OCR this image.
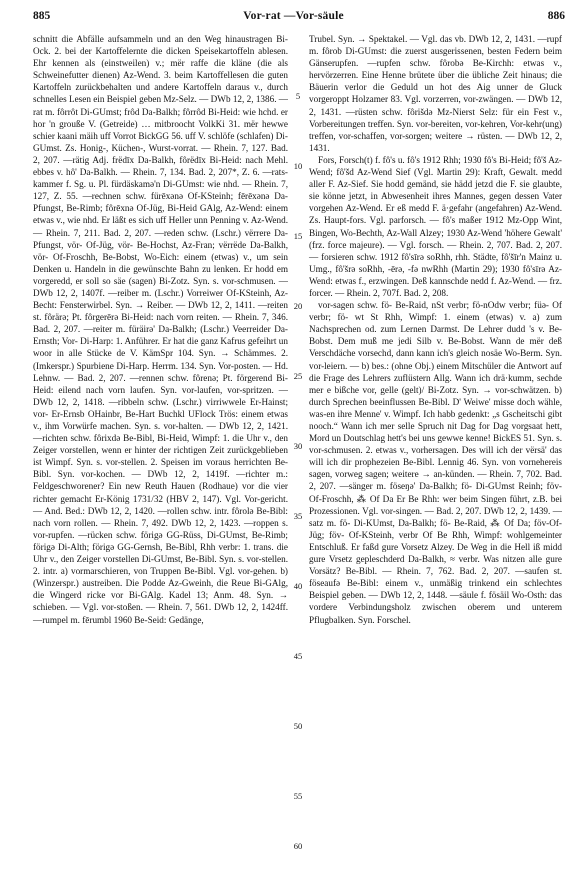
885	Vor-rat —Vor-säule	886

schnitt die Abfälle aufsammeln und an den Weg hinaustragen Bi-Ock. 2. bei der Kartoffelernte die dicken Speisekartoffeln ablesen. Ehr kennen als (einstweilen) v.; mër raffe die kläne (die als Schweinefutter dienen) Az-Wend. 3. beim Kartoffellesen die guten Kartoffeln zurückbehalten und andere Kartoffeln daraus v., durch schnelles Lesen ein Beispiel geben Mz-Selz. — DWb 12, 2, 1386. —rat m. fôrrôt Di-GUmst; frôd Da-Balkh; fôrrôd Bi-Heid: wie hchd. er hor 'n grouße V. (Getreide) … mitbroocht VolkKi 31. mër hewwe schier kaani mäih uff Vorrot BickGG 56. uff V. schlöfe (schlafen) Di-GUmst. Zs. Honig-, Küchen-, Wurst-vorrat. — Rhein. 7, 127. Bad. 2, 207. —rätig Adj. frëdīx Da-Balkh, fôrëdīx Bi-Heid: nach Mehl. ebbes v. hô' Da-Balkh. — Rhein. 7, 134. Bad. 2, 207*, Z. 6. —rats-kammer f. Sg. u. Pl. fürdäskamə'n Di-GUmst: wie nhd. — Rhein. 7, 127, Z. 55. —rechnen schw. fürēxənə Of-KSteinh; fērēxənə Da-Pfungst, Be-Rimb; fôrēxnə Of-Jüg, Bi-Heid GAlg, Az-Wend: einem etwas v., wie nhd. Er läßt es sich uff Heller unn Penning v. Az-Wend. — Rhein. 7, 211. Bad. 2, 207. —reden schw. (Lschr.) vërrere Da-Pfungst, vör- Of-Jüg, vör- Be-Hochst, Az-Fran; vërrëde Da-Balkh, vör- Of-Froschh, Be-Bobst, Wo-Eich: einem (etwas) v., um sein Denken u. Handeln in die gewünschte Bahn zu lenken. Er hodd em vorgeredd, er soll so säe (sagen) Bi-Zotz. Syn. s. vor-schmusen. — DWb 12, 2, 1407f. —reiber m. (Lschr.) Vorreiwer Of-KSteinh, Az-Becht: Fensterwirbel. Syn. → Reiber. — DWb 12, 2, 1411. —reiten st. fôrärə; Pt. fôrgerērə Bi-Heid: nach vorn reiten. — Rhein. 7, 346. Bad. 2, 207. —reiter m. füräirə' Da-Balkh; (Lschr.) Veerreider Da-Ernsth; Vor- Di-Harp: 1. Anführer. Er hat die ganz Kafrus gefeihrt un woor in alle Stücke de V. KämSpr 104. Syn. → Schämmes. 2. (Imkerspr.) Spurbiene Di-Harp. Herrm. 134. Syn. Vor-posten. — Hd. Lehnw. — Bad. 2, 207. —rennen schw. fôrenə; Pt. förgerend Bi-Heid: eilend nach vorn laufen. Syn. vor-laufen, vor-spritzen. — DWb 12, 2, 1418. —ribbeln schw. (Lschr.) virriwwele Er-Hainst; vor- Er-Ernsb OHainbr, Be-Hart Buchkl UFlock Trös: einem etwas v., ihm Vorwürfe machen. Syn. s. vor-halten. — DWb 12, 2, 1421. —richten schw. fôrixdə Be-Bibl, Bi-Heid, Wimpf: 1. die Uhr v., den Zeiger vorstellen, wenn er hinter der richtigen Zeit zurückgeblieben ist Wimpf. Syn. s. vor-stellen. 2. Speisen im voraus herrichten Be-Bibl. Syn. vor-kochen. — DWb 12, 2, 1419f. —richter m.: Feldgeschworener? Ein new Reuth Hauen (Rodhaue) vor die vier richter gemacht Er-König 1731/32 (HBV 2, 147). Vgl. Vor-gericht. — And. Bed.: DWb 12, 2, 1420. —rollen schw. intr. fôrolə Be-Bibl: nach vorn rollen. — Rhein. 7, 492. DWb 12, 2, 1423. —roppen s. vor-rupfen. —rücken schw. förigə GG-Rüss, Di-GUmst, Be-Rimb; förigə Di-Alth; förigə GG-Gernsh, Be-Bibl, Rhh verbr: 1. trans. die Uhr v., den Zeiger vorstellen Di-GUmst, Be-Bibl. Syn. s. vor-stellen. 2. intr. a) vormarschieren, von Truppen Be-Bibl. Vgl. vor-gehen. b) (Winzerspr.) austreiben. Die Podde Az-Gweinh, die Reue Bi-GAlg, die Wingerd ricke vor Bi-GAlg. Kadel 13; Anm. 48. Syn. → schieben. — Vgl. vor-stoßen. — Rhein. 7, 561. DWb 12, 2, 1424ff. —rumpel m. fērumbl 1960 Be-Seid: Gedänge,

5
10
15
20
25
30
35
40
45
50
55
60

Trubel. Syn. → Spektakel. — Vgl. das vb. DWb 12, 2, 1431. —rupf m. fôrob Di-GUmst: die zuerst ausgerissenen, besten Federn beim Gänserupfen. —rupfen schw. fôrobə Be-Kirchh: etwas v., hervörzerren. Eine Henne brütete über die übliche Zeit hinaus; die Bäuerin verlor die Geduld un hot des Aig unner de Gluck vorgeroppt Holzamer 83. Vgl. vorzerren, vor-zwängen. — DWb 12, 2, 1431. —rüsten schw. fôrišdə Mz-Nierst Selz: für ein Fest v., Vorbereitungen treffen. Syn. vor-bereiten, vor-kehren, Vor-kehr(ung) treffen, vor-schaffen, vor-sorgen; weitere → rüsten. — DWb 12, 2, 1431.

Fors, Forsch(t) f. fô's u. fô's 1912 Rhh; 1930 fô's Bi-Heid; fô'š Az-Wend; fô'šd Az-Wend Sief (Vgl. Martin 29): Kraft, Gewalt. medd aller F. Az-Sief. Sie hodd gemänd, sie hädd jetzd die F. sie glaubte, sie könne jetzt, in Abwesenheit ihres Mannes, gegen dessen Vater vorgehen Az-Wend. Er eß medd F. ä·gefahr (angefahren) Az-Wend. Zs. Haupt-fors. Vgl. parforsch. — fô's maßer 1912 Mz-Opp Wint, Bingen, Wo-Bechth, Az-Wall Alzey; 1930 Az-Wend 'höhere Gewalt' (frz. force majeure). — Vgl. forsch. — Rhein. 2, 707. Bad. 2, 207. — forsieren schw. 1912 fô'sīrə soRhh, rhh. Städte, fô'šīr'n Mainz u. Umg., fô'šrə soRhh, -ērə, -fə nwRhh (Martin 29); 1930 fô'sīrə Az-Wend: etwas f., erzwingen. Deß kannschde nedd f. Az-Wend. — frz. forcer. — Rhein. 2, 707f. Bad. 2, 208.

vor-sagen schw. fö- Be-Raid, nSt verbr; fö-nOdw verbr; füə- Of verbr; fö- wt St Rhh, Wimpf: 1. einem (etwas) v. a) zum Nachsprechen od. zum Lernen Darmst. De Lehrer dudd 's v. Be-Bobst. Dem muß me jedi Silb v. Be-Bobst. Wann de mër deß Verschdäche vorsechd, dann kann ich's gleich nosäe Wo-Berm. Syn. vor-leiern. — b) bes.: (ohne Obj.) einem Mitschüler die Antwort auf die Frage des Lehrers zuflüstern Allg. Wann ich drä·kumm, sechde mer e bißche vor, gelle (gelt)/ Bi-Zotz. Syn. → vor-schwätzen. b) durch Sprechen beeinflussen Be-Bibl. D' Weiwe' misse doch wähle, was-en ihre Menne' v. Wimpf. Ich habb gedenkt: „s Gscheitschi gibt nooch.“ Wann ich mer selle Spruch nit Dag for Dag vorgsaat hett, Mord un Doutschlag hett's bei uns gewwe kenne! BickES 51. Syn. s. vor-schmusen. 2. etwas v., vorhersagen. Des will ich der vërsä' das will ich dir prophezeien Be-Bibl. Lennig 46. Syn. von vornehereis sagen, vorweg sagen; weitere → an-künden. — Rhein. 7, 702. Bad. 2, 207. —sänger m. föseŋə' Da-Balkh; fö- Di-GUmst Reinh; föv- Of-Froschh, ⁂ Of Da Er Be Rhh: wer beim Singen führt, z.B. bei Prozessionen. Vgl. vor-singen. — Bad. 2, 207. DWb 12, 2, 1439. —satz m. fö- Di-KUmst, Da-Balkh; fö- Be-Raid, ⁂ Of Da; föv-Of-Jüg; föv- Of-KSteinh, verbr Of Be Rhh, Wimpf: wohlgemeinter Entschluß. Er faßd gure Vorsetz Alzey. De Weg in die Hell iß midd gure Vrsetz gepleschderd Da-Balkh, ≈ verbr. Was nitzen alle gure Vorsätz? Be-Bibl. — Rhein. 7, 762. Bad. 2, 207. —saufen st. föseaufə Be-Bibl: einem v., unmäßig trinkend ein schlechtes Beispiel geben. — DWb 12, 2, 1448. —säule f. fösäil Wo-Osth: das vordere Verbindungsholz zwischen oberem und unterem Pflugbalken. Syn. Forschel.
